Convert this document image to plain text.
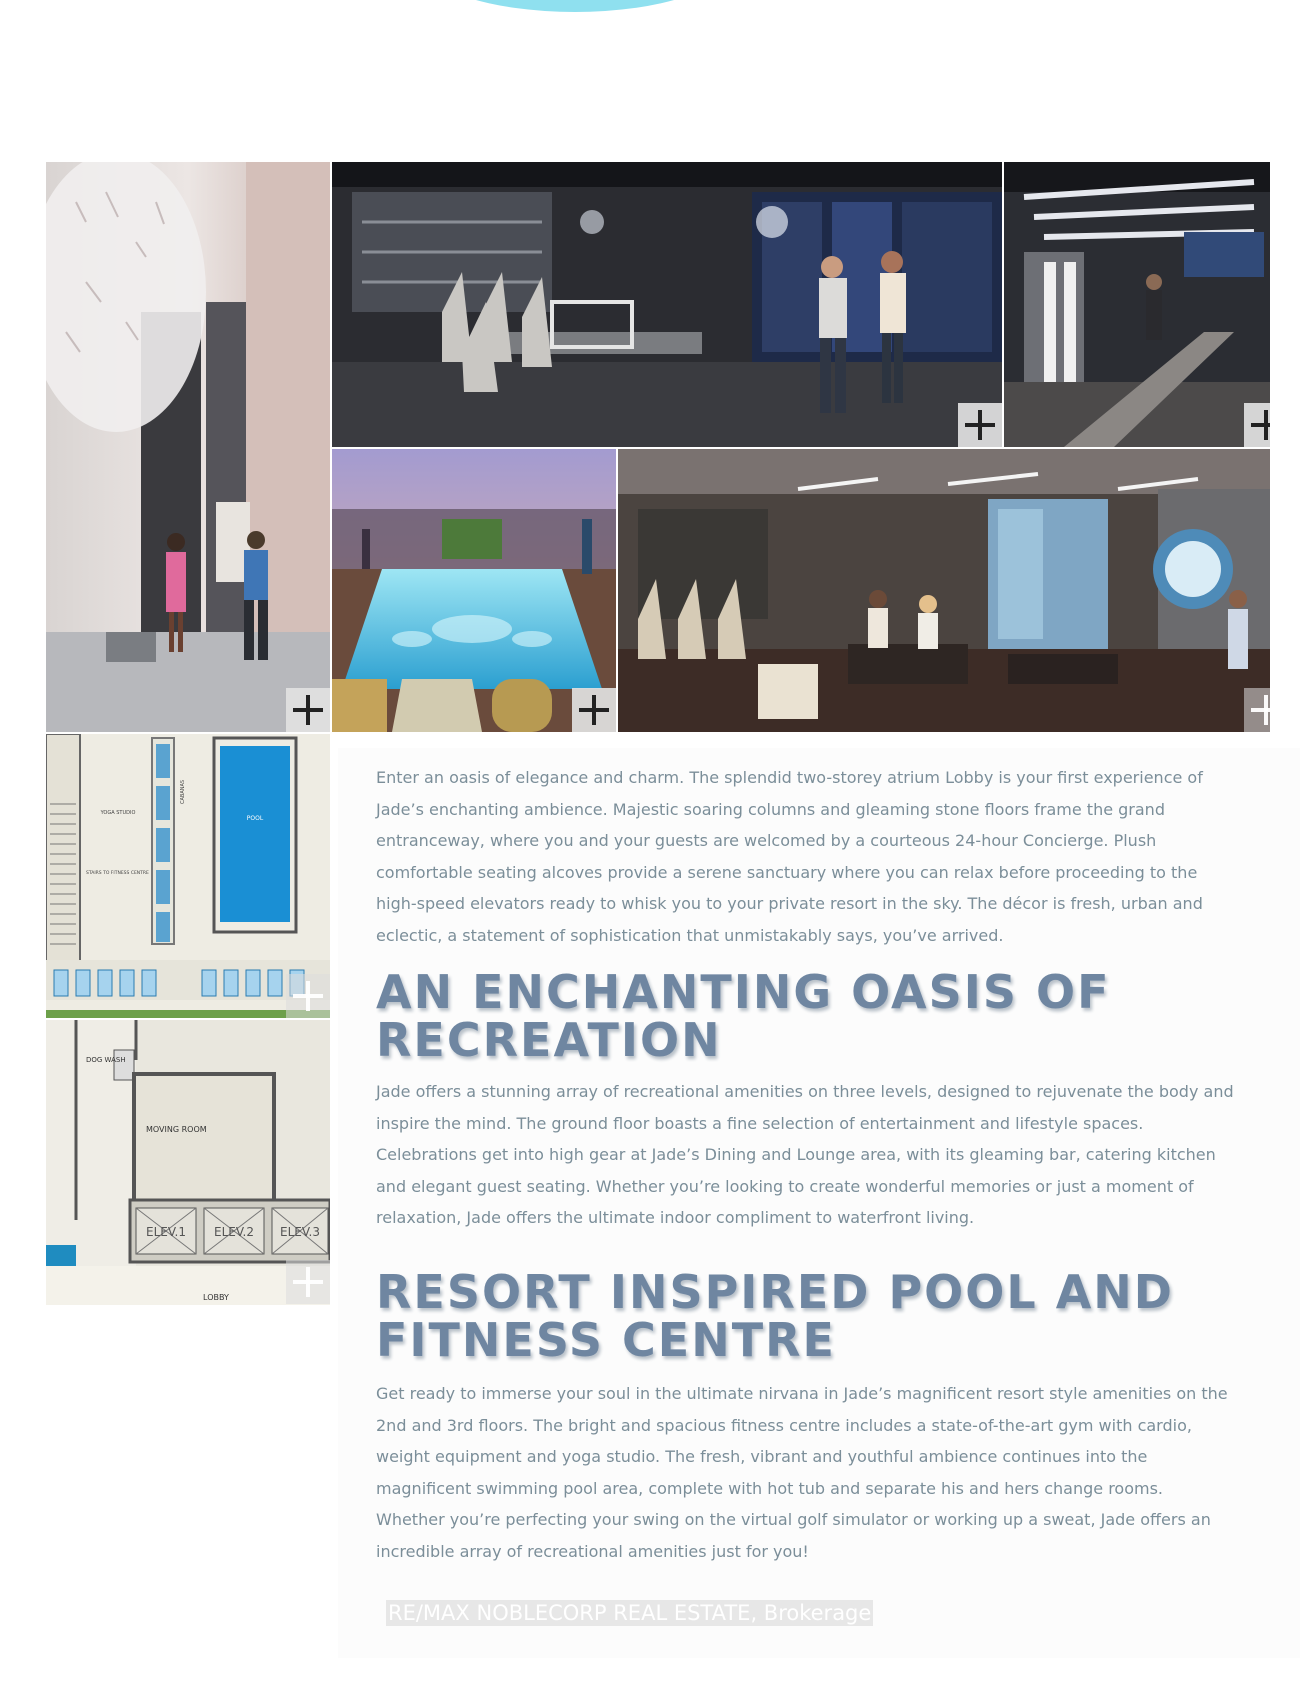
POOL
YOGA STUDIO
CABANAS
STAIRS TO FITNESS CENTRE
DOG WASH
MOVING ROOM
ELEV.1 ELEV.2 ELEV.3
LOBBY

Enter an oasis of elegance and charm. The splendid two-storey atrium Lobby is your first experience of Jade’s enchanting ambience. Majestic soaring columns and gleaming stone floors frame the grand entranceway, where you and your guests are welcomed by a courteous 24-hour Concierge. Plush comfortable seating alcoves provide a serene sanctuary where you can relax before proceeding to the high-speed elevators ready to whisk you to your private resort in the sky. The décor is fresh, urban and eclectic, a statement of sophistication that unmistakably says, you’ve arrived.

AN ENCHANTING OASIS OF RECREATION

Jade offers a stunning array of recreational amenities on three levels, designed to rejuvenate the body and inspire the mind. The ground floor boasts a fine selection of entertainment and lifestyle spaces. Celebrations get into high gear at Jade’s Dining and Lounge area, with its gleaming bar, catering kitchen and elegant guest seating. Whether you’re looking to create wonderful memories or just a moment of relaxation, Jade offers the ultimate indoor compliment to waterfront living.

RESORT INSPIRED POOL AND FITNESS CENTRE

Get ready to immerse your soul in the ultimate nirvana in Jade’s magnificent resort style amenities on the 2nd and 3rd floors. The bright and spacious fitness centre includes a state-of-the-art gym with cardio, weight equipment and yoga studio. The fresh, vibrant and youthful ambience continues into the magnificent swimming pool area, complete with hot tub and separate his and hers change rooms. Whether you’re perfecting your swing on the virtual golf simulator or working up a sweat, Jade offers an incredible array of recreational amenities just for you!

RE/MAX NOBLECORP REAL ESTATE, Brokerage
